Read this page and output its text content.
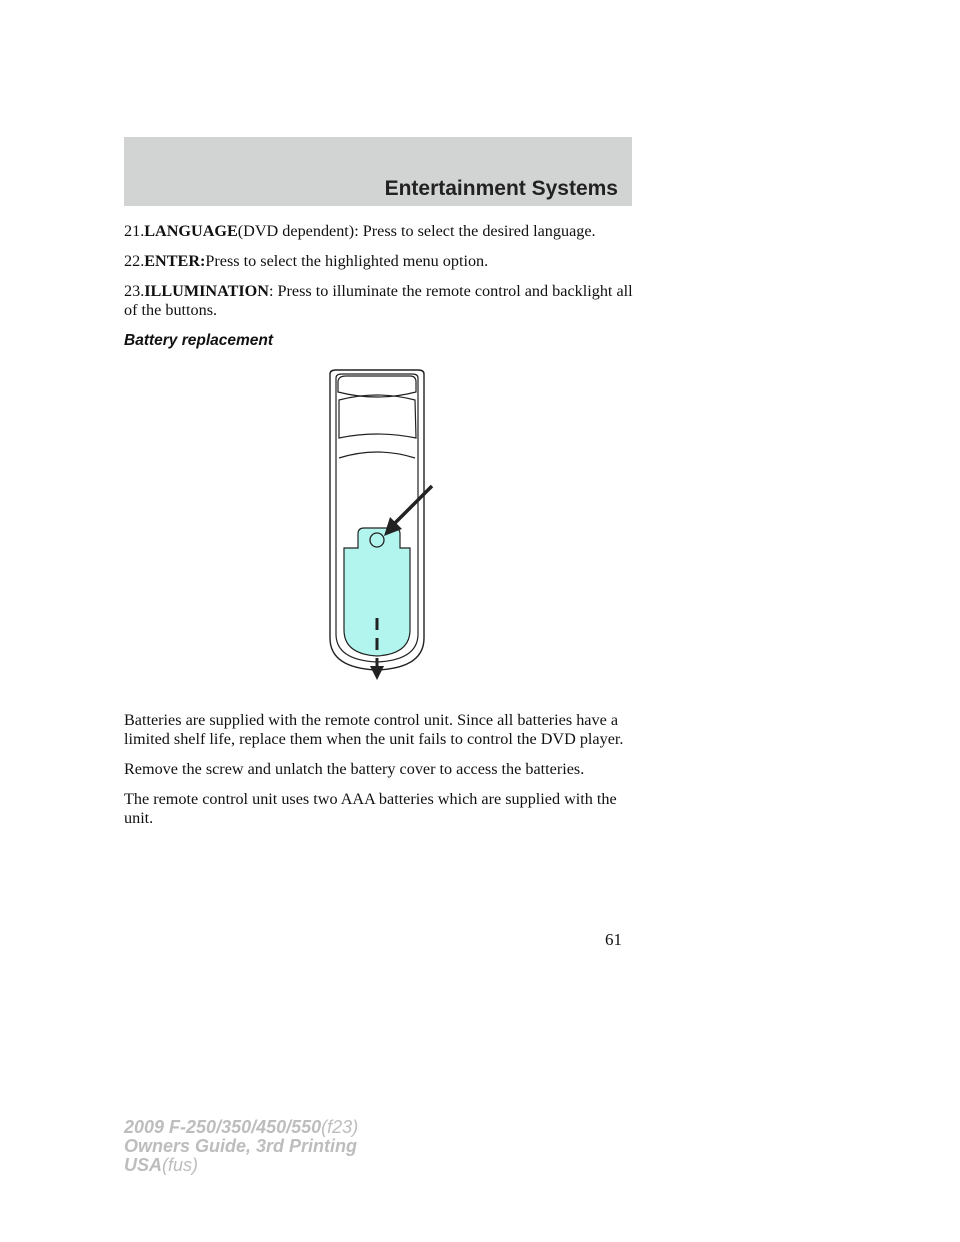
Entertainment Systems

21.LANGUAGE(DVD dependent): Press to select the desired language.

22.ENTER:Press to select the highlighted menu option.

23.ILLUMINATION: Press to illuminate the remote control and backlight all of the buttons.

Battery replacement

Batteries are supplied with the remote control unit. Since all batteries have a limited shelf life, replace them when the unit fails to control the DVD player.

Remove the screw and unlatch the battery cover to access the batteries.

The remote control unit uses two AAA batteries which are supplied with the unit.

61
2009 F-250/350/450/550(f23)
Owners Guide, 3rd Printing
USA(fus)
